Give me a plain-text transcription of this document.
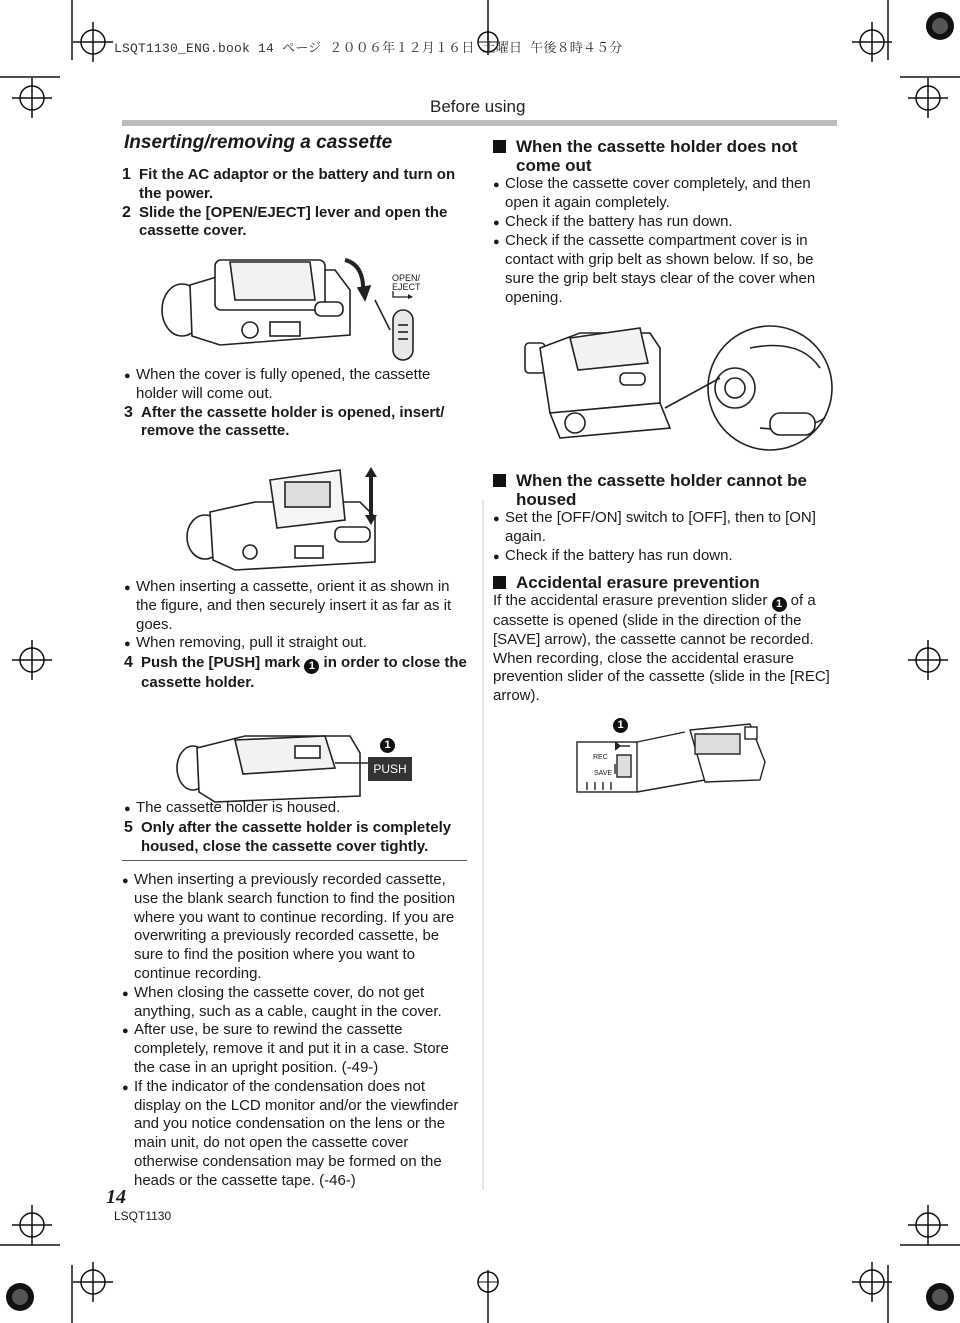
LSQT1130_ENG.book 14 ページ ２００６年１２月１６日 土曜日 午後８時４５分
Before using

Inserting/removing a cassette

1 Fit the AC adaptor or the battery and turn on the power.
2 Slide the [OPEN/EJECT] lever and open the cassette cover.
OPEN/
EJECT
●
When the cover is fully opened, the cassette holder will come out.
3 After the cassette holder is opened, insert/ remove the cassette.
●
When inserting a cassette, orient it as shown in the figure, and then securely insert it as far as it goes.
●
When removing, pull it straight out.
4 Push the [PUSH] mark 1 in order to close the cassette holder.
PUSH
1
●
The cassette holder is housed.
5 Only after the cassette holder is completely housed, close the cassette cover tightly.
●
When inserting a previously recorded cassette, use the blank search function to find the position where you want to continue recording. If you are overwriting a previously recorded cassette, be sure to find the position where you want to continue recording.
●
When closing the cassette cover, do not get anything, such as a cable, caught in the cover.
●
After use, be sure to rewind the cassette completely, remove it and put it in a case. Store the case in an upright position. (-49-)
●
If the indicator of the condensation does not display on the LCD monitor and/or the viewfinder and you notice condensation on the lens or the main unit, do not open the cassette cover otherwise condensation may be formed on the heads or the cassette tape. (-46-)
When the cassette holder does not come out
●
Close the cassette cover completely, and then open it again completely.
●
Check if the battery has run down.
●
Check if the cassette compartment cover is in contact with grip belt as shown below. If so, be sure the grip belt stays clear of the cover when opening.
When the cassette holder cannot be housed
●
Set the [OFF/ON] switch to [OFF], then to [ON] again.
●
Check if the battery has run down.
Accidental erasure prevention
If the accidental erasure prevention slider 1 of a cassette is opened (slide in the direction of the [SAVE] arrow), the cassette cannot be recorded. When recording, close the accidental erasure prevention slider of the cassette (slide in the [REC] arrow).
1
REC
SAVE
14
LSQT1130
